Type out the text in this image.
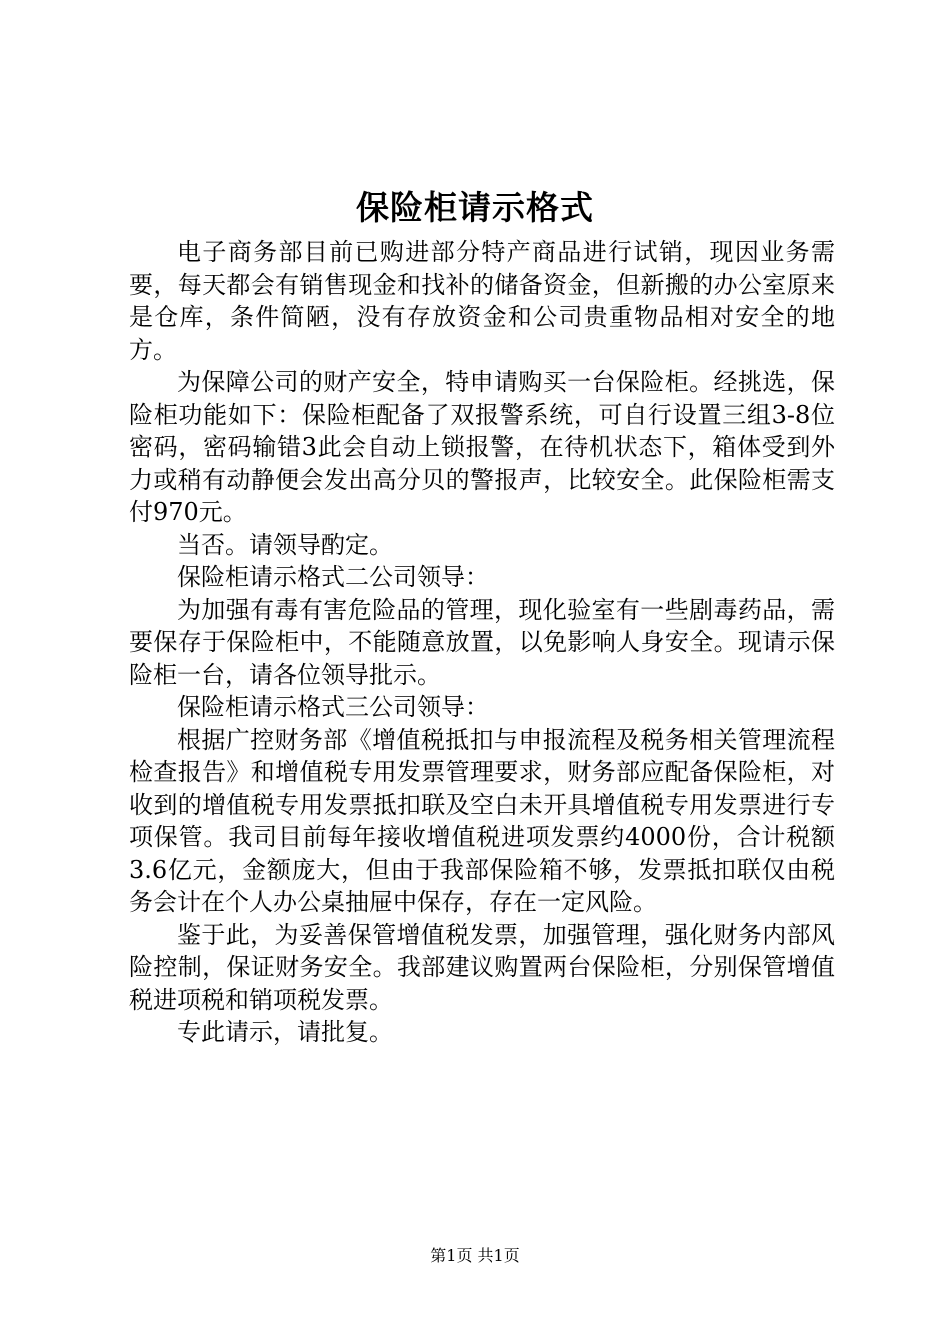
保险柜请示格式

电子商务部目前已购进部分特产商品进行试销，现因业务需要，每天都会有销售现金和找补的储备资金，但新搬的办公室原来是仓库，条件简陋，没有存放资金和公司贵重物品相对安全的地方。

为保障公司的财产安全，特申请购买一台保险柜。经挑选，保险柜功能如下：保险柜配备了双报警系统，可自行设置三组3-8位密码，密码输错3此会自动上锁报警，在待机状态下，箱体受到外力或稍有动静便会发出高分贝的警报声，比较安全。此保险柜需支付970元。

当否。请领导酌定。

保险柜请示格式二公司领导：

为加强有毒有害危险品的管理，现化验室有一些剧毒药品，需要保存于保险柜中，不能随意放置，以免影响人身安全。现请示保险柜一台，请各位领导批示。

保险柜请示格式三公司领导：

根据广控财务部《增值税抵扣与申报流程及税务相关管理流程检查报告》和增值税专用发票管理要求，财务部应配备保险柜，对收到的增值税专用发票抵扣联及空白未开具增值税专用发票进行专项保管。我司目前每年接收增值税进项发票约4000份，合计税额3.6亿元，金额庞大，但由于我部保险箱不够，发票抵扣联仅由税务会计在个人办公桌抽屉中保存，存在一定风险。

鉴于此，为妥善保管增值税发票，加强管理，强化财务内部风险控制，保证财务安全。我部建议购置两台保险柜，分别保管增值税进项税和销项税发票。

专此请示，请批复。

第1页 共1页
